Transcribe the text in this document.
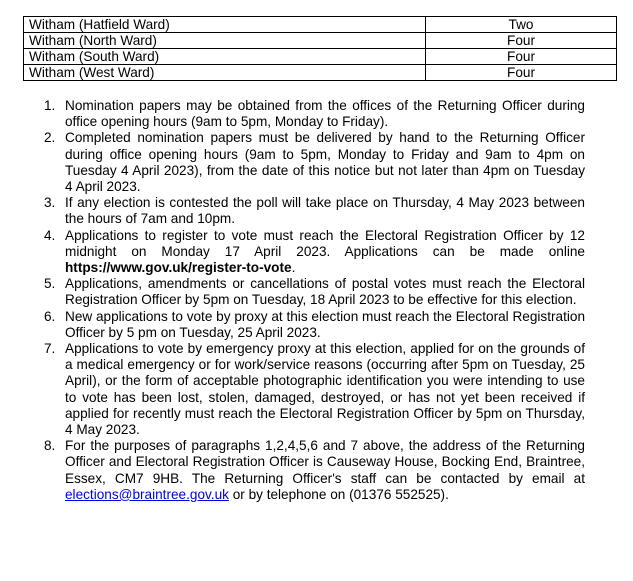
Witham (Hatfield Ward)	Two
Witham (North Ward)	Four
Witham (South Ward)	Four
Witham (West Ward)	Four
1. Nomination papers may be obtained from the offices of the Returning Officer during office opening hours (9am to 5pm, Monday to Friday).
2. Completed nomination papers must be delivered by hand to the Returning Officer during office opening hours (9am to 5pm, Monday to Friday and 9am to 4pm on Tuesday 4 April 2023), from the date of this notice but not later than 4pm on Tuesday 4 April 2023.
3. If any election is contested the poll will take place on Thursday, 4 May 2023 between the hours of 7am and 10pm.
4. Applications to register to vote must reach the Electoral Registration Officer by 12 midnight on Monday 17 April 2023. Applications can be made online https://www.gov.uk/register-to-vote.
5. Applications, amendments or cancellations of postal votes must reach the Electoral Registration Officer by 5pm on Tuesday, 18 April 2023 to be effective for this election.
6. New applications to vote by proxy at this election must reach the Electoral Registration Officer by 5 pm on Tuesday, 25 April 2023.
7. Applications to vote by emergency proxy at this election, applied for on the grounds of a medical emergency or for work/service reasons (occurring after 5pm on Tuesday, 25 April), or the form of acceptable photographic identification you were intending to use to vote has been lost, stolen, damaged, destroyed, or has not yet been received if applied for recently must reach the Electoral Registration Officer by 5pm on Thursday, 4 May 2023.
8. For the purposes of paragraphs 1,2,4,5,6 and 7 above, the address of the Returning Officer and Electoral Registration Officer is Causeway House, Bocking End, Braintree, Essex, CM7 9HB. The Returning Officer's staff can be contacted by email at elections@braintree.gov.uk or by telephone on (01376 552525).
